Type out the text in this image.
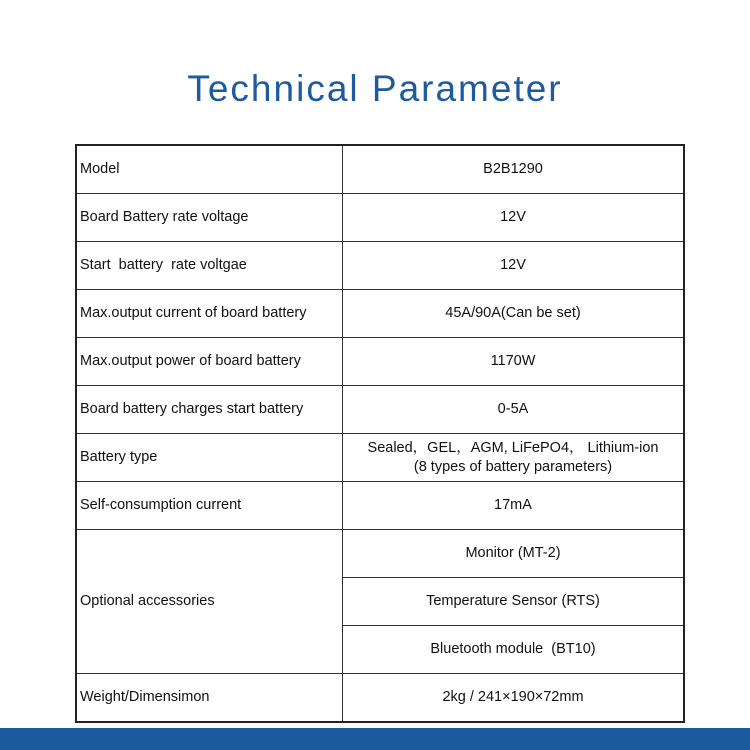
Technical Parameter
Model	B2B1290
Board Battery rate voltage	12V
Start  battery  rate voltgae	12V
Max.output current of board battery	45A/90A(Can be set)
Max.output power of board battery	1170W
Board battery charges start battery	0-5A
Battery type	Sealed，GEL，AGM, LiFePO4， Lithium-ion
(8 types of battery parameters)

Self-consumption current	17mA
Optional accessories	Monitor (MT-2)
	Temperature Sensor (RTS)
	Bluetooth module  (BT10)
Weight/Dimensimon	2kg / 241×190×72mm
